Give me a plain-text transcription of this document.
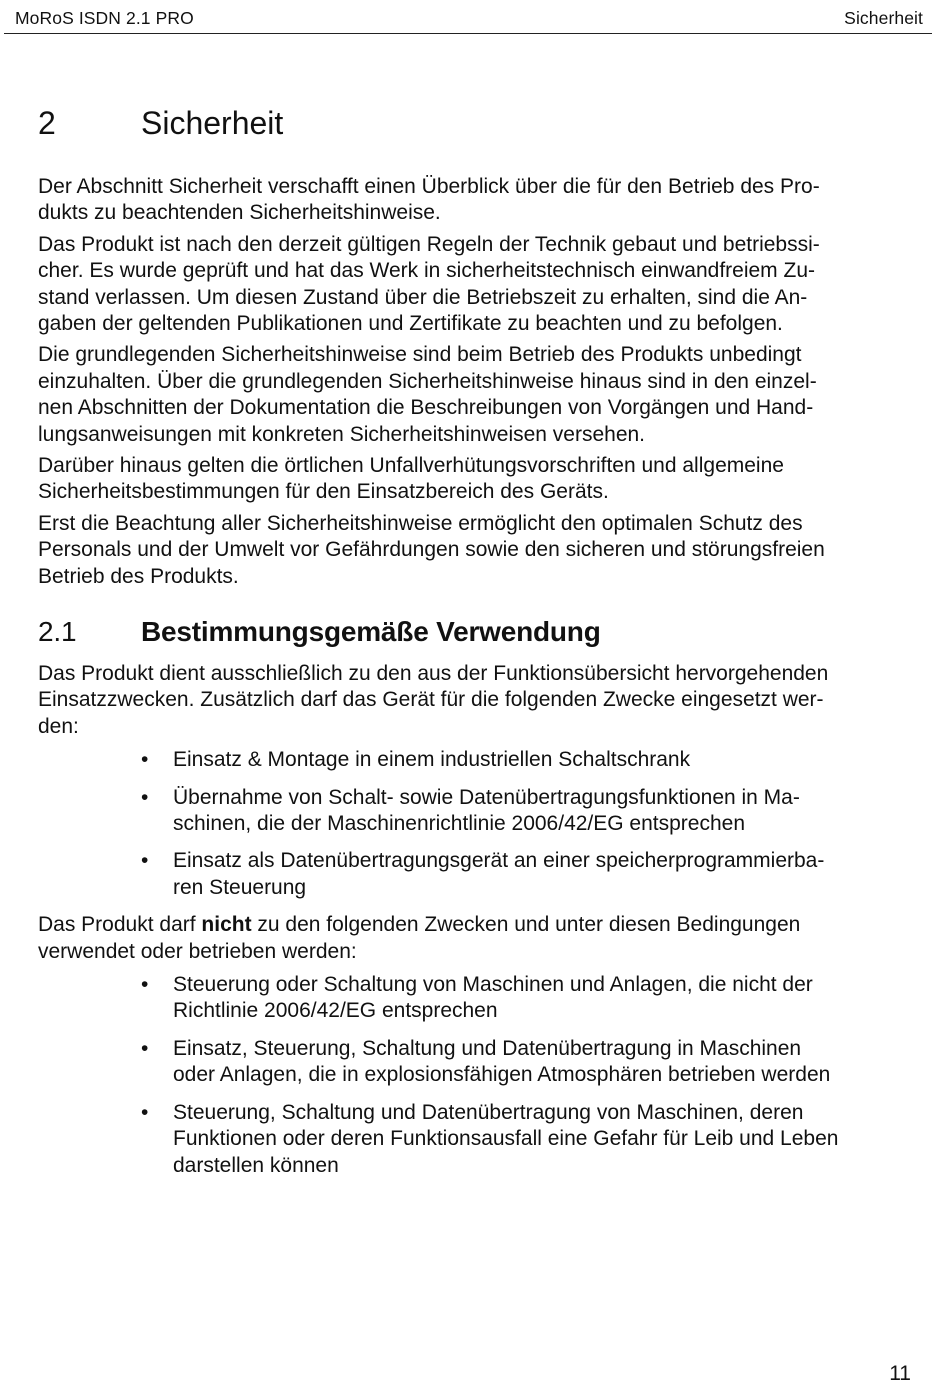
MoRoS ISDN 2.1 PRO	Sicherheit
2	Sicherheit

Der Abschnitt Sicherheit verschafft einen Überblick über die für den Betrieb des Pro-
dukts zu beachtenden Sicherheitshinweise.

Das Produkt ist nach den derzeit gültigen Regeln der Technik gebaut und betriebssi-
cher. Es wurde geprüft und hat das Werk in sicherheitstechnisch einwandfreiem Zu-
stand verlassen. Um diesen Zustand über die Betriebszeit zu erhalten, sind die An-
gaben der geltenden Publikationen und Zertifikate zu beachten und zu befolgen.

Die grundlegenden Sicherheitshinweise sind beim Betrieb des Produkts unbedingt
einzuhalten. Über die grundlegenden Sicherheitshinweise hinaus sind in den einzel-
nen Abschnitten der Dokumentation die Beschreibungen von Vorgängen und Hand-
lungsanweisungen mit konkreten Sicherheitshinweisen versehen.

Darüber hinaus gelten die örtlichen Unfallverhütungsvorschriften und allgemeine
Sicherheitsbestimmungen für den Einsatzbereich des Geräts.

Erst die Beachtung aller Sicherheitshinweise ermöglicht den optimalen Schutz des
Personals und der Umwelt vor Gefährdungen sowie den sicheren und störungsfreien
Betrieb des Produkts.

2.1 Bestimmungsgemäße Verwendung

Das Produkt dient ausschließlich zu den aus der Funktionsübersicht hervorgehenden
Einsatzzwecken. Zusätzlich darf das Gerät für die folgenden Zwecke eingesetzt wer-
den:

• Einsatz & Montage in einem industriellen Schaltschrank
• Übernahme von Schalt- sowie Datenübertragungsfunktionen in Ma-
schinen, die der Maschinenrichtlinie 2006/42/EG entsprechen
• Einsatz als Datenübertragungsgerät an einer speicherprogrammierba-
ren Steuerung

Das Produkt darf nicht zu den folgenden Zwecken und unter diesen Bedingungen
verwendet oder betrieben werden:

• Steuerung oder Schaltung von Maschinen und Anlagen, die nicht der
Richtlinie 2006/42/EG entsprechen
• Einsatz, Steuerung, Schaltung und Datenübertragung in Maschinen
oder Anlagen, die in explosionsfähigen Atmosphären betrieben werden
• Steuerung, Schaltung und Datenübertragung von Maschinen, deren
Funktionen oder deren Funktionsausfall eine Gefahr für Leib und Leben
darstellen können
11
